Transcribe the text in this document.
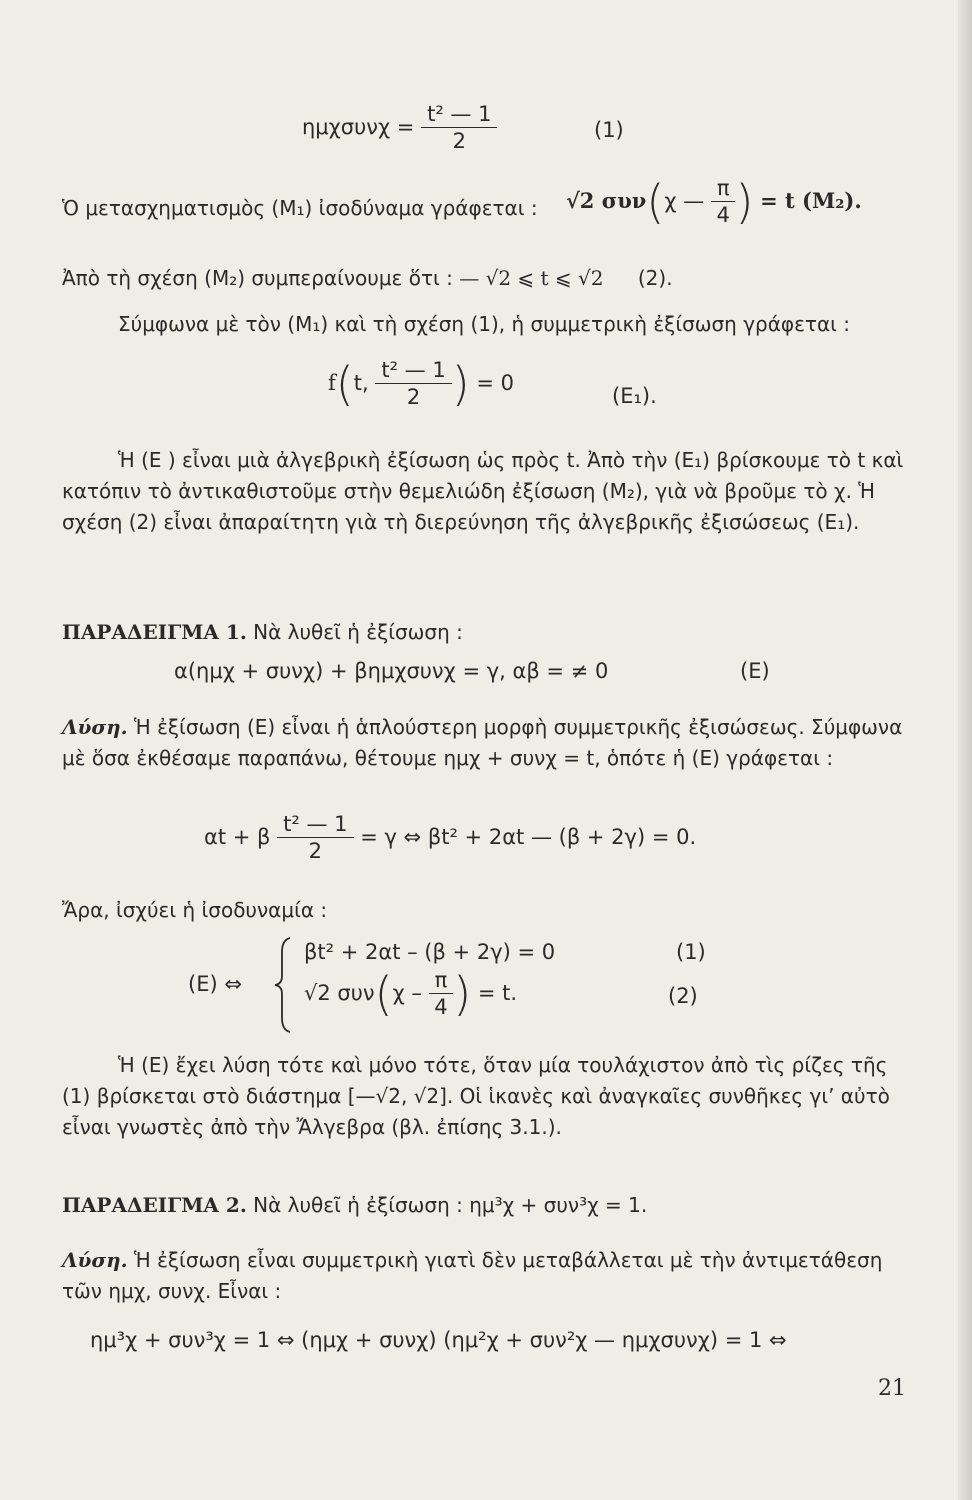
$\eta\mu\chi\sigma\upsilon\nu\chi = \frac{\text{t² — 1}}{2}$	(1)
Ὁ μετασχηματισμὸς (M₁) ἰσοδύναμα γράφεται : √2 συν(χ — $\frac{\pi}{4}$ ) = t (M₂).
Ἀπὸ τὴ σχέση (M₂) συμπεραίνουμε ὅτι : — √2 ⩽ t ⩽ √2 (2).
Σύμφωνα μὲ τὸν (M₁) καὶ τὴ σχέση (1), ἡ συμμετρικὴ ἐξίσωση γράφεται :
f(t, $\frac{\text{t² — 1}}{2}$ ) = 0
(E₁).

Ἡ (E ) εἶναι μιὰ ἀλγεβρικὴ ἐξίσωση ὡς πρὸς t. Ἀπὸ τὴν (E₁) βρίσκουμε τὸ t καὶ κατόπιν τὸ ἀντικαθιστοῦμε στὴν θεμελιώδη ἐξίσωση (M₂), γιὰ νὰ βροῦμε τὸ χ. Ἡ σχέση (2) εἶναι ἀπαραίτητη γιὰ τὴ διερεύνηση τῆς ἀλγεβρικῆς ἐξισώσεως (E₁).

ΠΑΡΑΔΕΙΓΜΑ 1. Νὰ λυθεῖ ἡ ἐξίσωση :
α(ημχ + συνχ) + βημχσυνχ = γ, αβ = ≠ 0	(E)

Λύση. Ἡ ἐξίσωση (E) εἶναι ἡ ἁπλούστερη μορφὴ συμμετρικῆς ἐξισώσεως. Σύμφωνα μὲ ὅσα ἐκθέσαμε παραπάνω, θέτουμε ημχ + συνχ = t, ὁπότε ἡ (E) γράφεται :

αt + β $\frac{\text{t² — 1}}{2} = \gamma$ ⇔ βt² + 2αt — (β + 2γ) = 0.
Ἄρα, ἰσχύει ἡ ἰσοδυναμία :
(E) ⇔
βt² + 2αt – (β + 2γ) = 0	(1)
√2 $\sigma\upsilon\nu(\chi - \frac{\pi}{4}$ ) = t.	(2)

Ἡ (E) ἔχει λύση τότε καὶ μόνο τότε, ὅταν μία τουλάχιστον ἀπὸ τὶς ρίζες τῆς (1) βρίσκεται στὸ διάστημα [—√2, √2]. Οἱ ἱκανὲς καὶ ἀναγκαῖες συνθῆκες γι’ αὐτὸ εἶναι γνωστὲς ἀπὸ τὴν Ἄλγεβρα (βλ. ἐπίσης 3.1.).

ΠΑΡΑΔΕΙΓΜΑ 2. Νὰ λυθεῖ ἡ ἐξίσωση : ημ³χ + συν³χ = 1.

Λύση. Ἡ ἐξίσωση εἶναι συμμετρικὴ γιατὶ δὲν μεταβάλλεται μὲ τὴν ἀντιμετάθεση τῶν ημχ, συνχ. Εἶναι :

ημ³χ + συν³χ = 1 ⇔ (ημχ + συνχ) (ημ²χ + συν²χ — ημχσυνχ) = 1 ⇔
21
